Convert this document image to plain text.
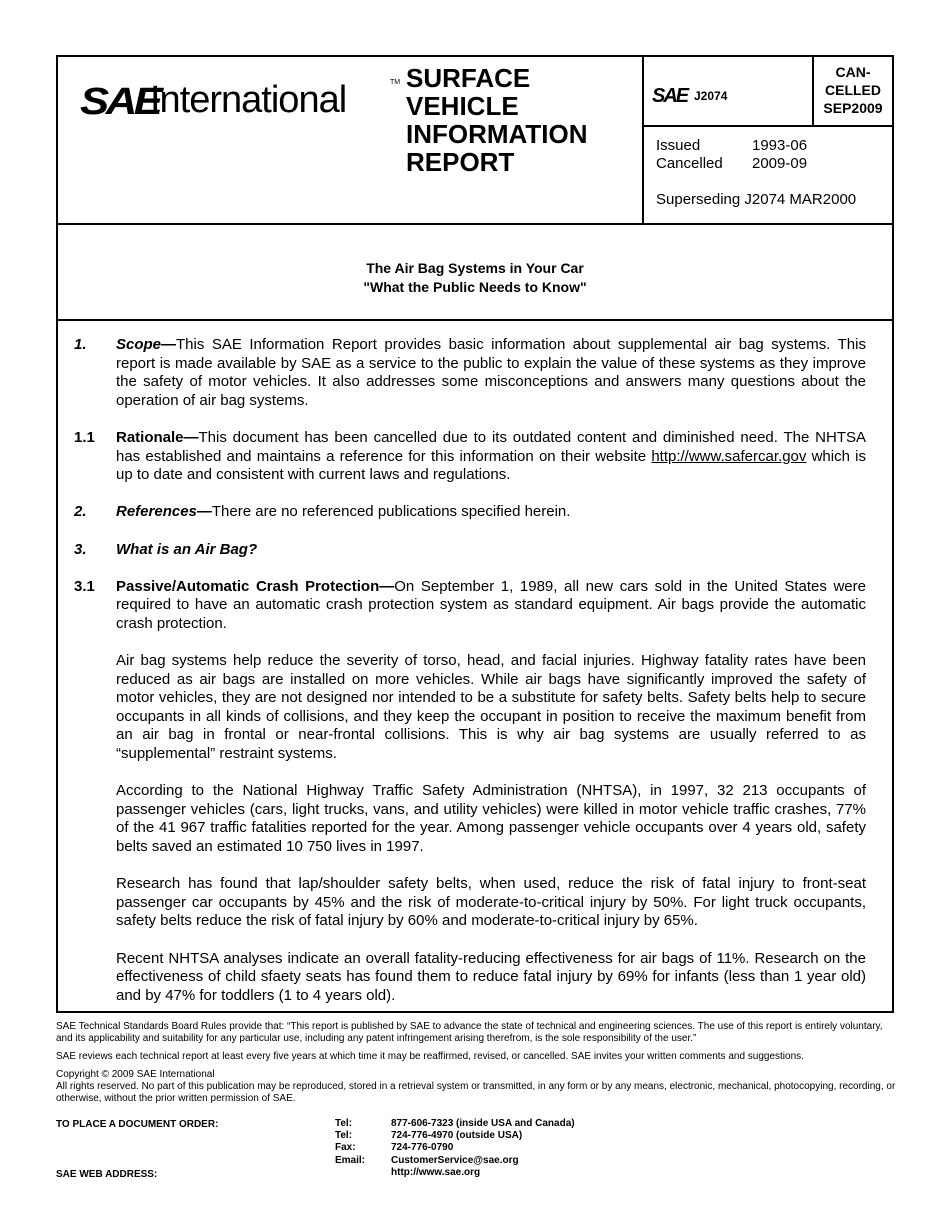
SAE
International	TM SURFACE
VEHICLE
INFORMATION
REPORT
SAE J2074
CAN-
CELLED
SEP2009
Issued	1993-06
Cancelled 2009-09
Superseding J2074 MAR2000
The Air Bag Systems in Your Car
"What the Public Needs to Know"
1.	Scope—This SAE Information Report provides basic information about supplemental air bag systems. This report is made available by SAE as a service to the public to explain the value of these systems as they improve the safety of motor vehicles. It also addresses some misconceptions and answers many questions about the operation of air bag systems.
1.1	Rationale—This document has been cancelled due to its outdated content and diminished need. The NHTSA has established and maintains a reference for this information on their website http://www.safercar.gov which is up to date and consistent with current laws and regulations.
2.	References—There are no referenced publications specified herein.
3.	What is an Air Bag?
3.1	Passive/Automatic Crash Protection—On September 1, 1989, all new cars sold in the United States were required to have an automatic crash protection system as standard equipment. Air bags provide the automatic crash protection.
Air bag systems help reduce the severity of torso, head, and facial injuries. Highway fatality rates have been reduced as air bags are installed on more vehicles. While air bags have significantly improved the safety of motor vehicles, they are not designed nor intended to be a substitute for safety belts. Safety belts help to secure occupants in all kinds of collisions, and they keep the occupant in position to receive the maximum benefit from an air bag in frontal or near-frontal collisions. This is why air bag systems are usually referred to as “supplemental” restraint systems.
According to the National Highway Traffic Safety Administration (NHTSA), in 1997, 32 213 occupants of passenger vehicles (cars, light trucks, vans, and utility vehicles) were killed in motor vehicle traffic crashes, 77% of the 41 967 traffic fatalities reported for the year. Among passenger vehicle occupants over 4 years old, safety belts saved an estimated 10 750 lives in 1997.
Research has found that lap/shoulder safety belts, when used, reduce the risk of fatal injury to front-seat passenger car occupants by 45% and the risk of moderate-to-critical injury by 50%. For light truck occupants, safety belts reduce the risk of fatal injury by 60% and moderate-to-critical injury by 65%.
Recent NHTSA analyses indicate an overall fatality-reducing effectiveness for air bags of 11%. Research on the effectiveness of child sfaety seats has found them to reduce fatal injury by 69% for infants (less than 1 year old) and by 47% for toddlers (1 to 4 years old).

SAE Technical Standards Board Rules provide that: “This report is published by SAE to advance the state of technical and engineering sciences. The use of this report is entirely voluntary, and its applicability and suitability for any particular use, including any patent infringement arising therefrom, is the sole responsibility of the user.”

SAE reviews each technical report at least every five years at which time it may be reaffirmed, revised, or cancelled. SAE invites your written comments and suggestions.

Copyright © 2009 SAE International
All rights reserved. No part of this publication may be reproduced, stored in a retrieval system or transmitted, in any form or by any means, electronic, mechanical, photocopying, recording, or otherwise, without the prior written permission of SAE.
TO PLACE A DOCUMENT ORDER:
SAE WEB ADDRESS:
Tel:	877-606-7323 (inside USA and Canada)
Tel:	724-776-4970 (outside USA)
Fax:	724-776-0790
Email:	CustomerService@sae.org
http://www.sae.org
